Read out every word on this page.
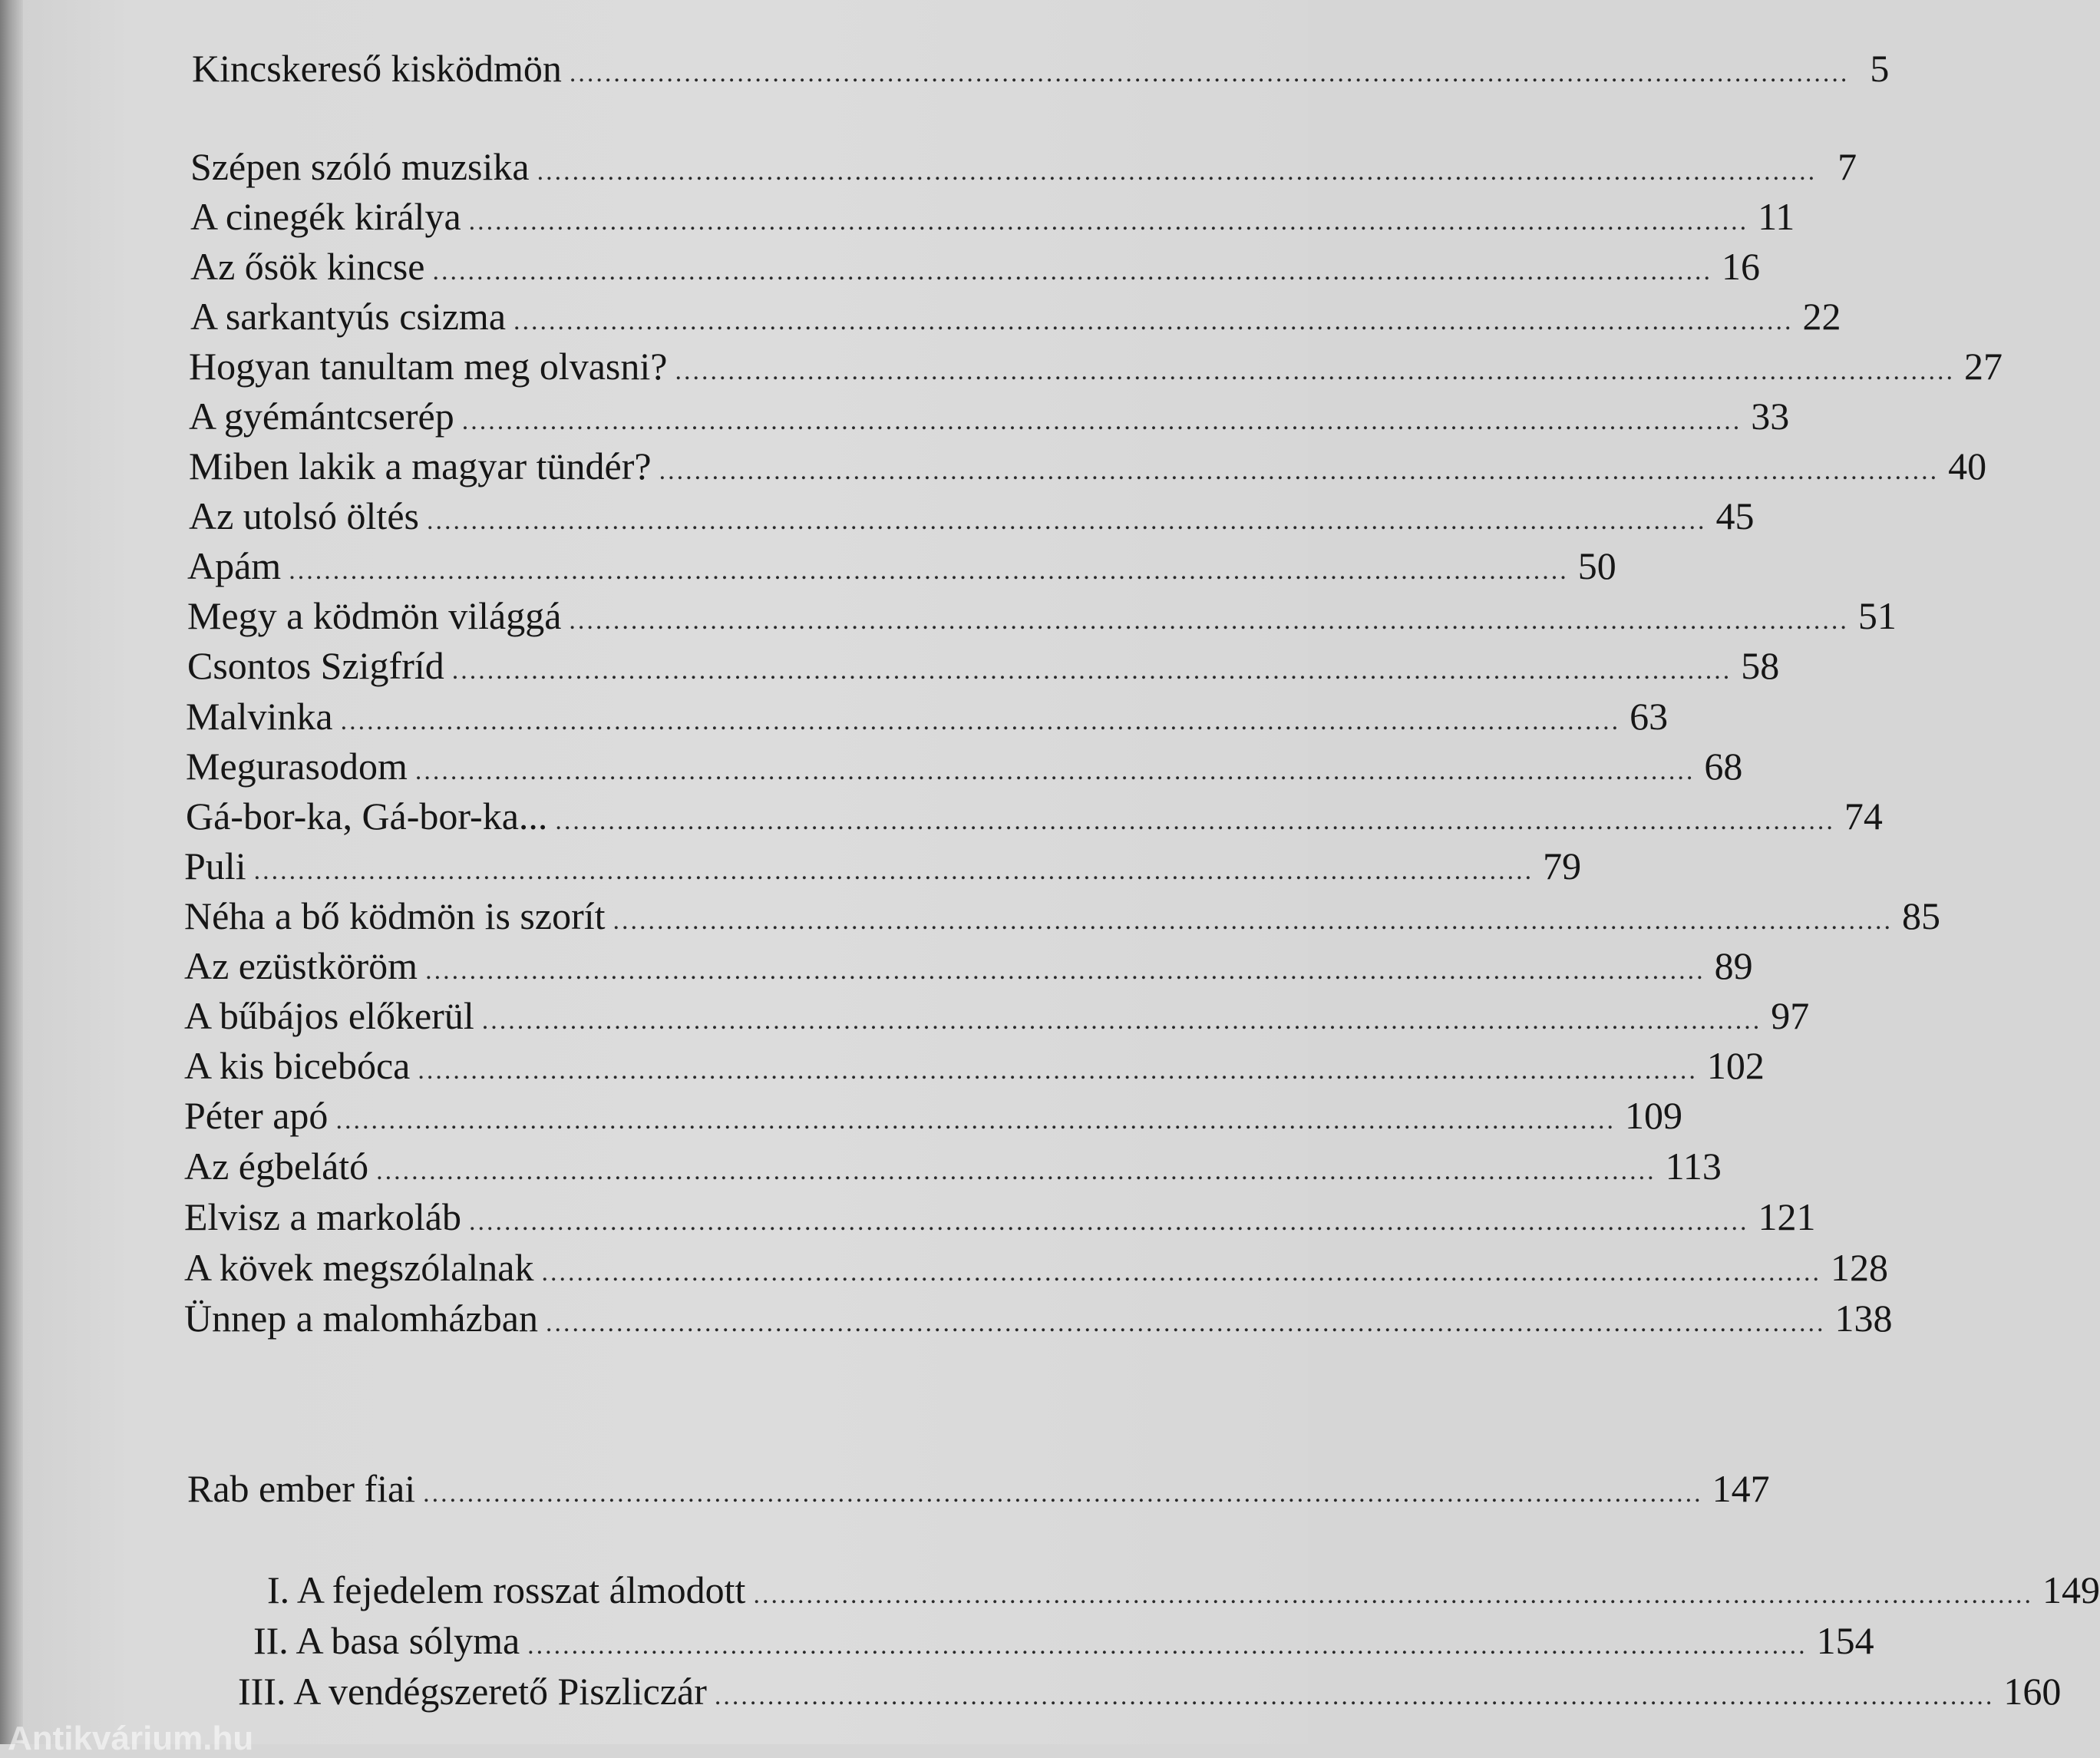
Kincskereső kisködmön ................................................................................................................................................. 5
Szépen szóló muzsika ................................................................................................................................................. 7
A cinegék királya ................................................................................................................................................. 11
Az ősök kincse ................................................................................................................................................. 16
A sarkantyús csizma ................................................................................................................................................. 22
Hogyan tanultam meg olvasni? ................................................................................................................................................. 27
A gyémántcserép ................................................................................................................................................. 33
Miben lakik a magyar tündér? ................................................................................................................................................. 40
Az utolsó öltés ................................................................................................................................................. 45
Apám ................................................................................................................................................. 50
Megy a ködmön világgá ................................................................................................................................................. 51
Csontos Szigfríd ................................................................................................................................................. 58
Malvinka ................................................................................................................................................. 63
Megurasodom ................................................................................................................................................. 68
Gá-bor-ka, Gá-bor-ka... ................................................................................................................................................. 74
Puli ................................................................................................................................................. 79
Néha a bő ködmön is szorít ................................................................................................................................................. 85
Az ezüstköröm ................................................................................................................................................. 89
A bűbájos előkerül ................................................................................................................................................. 97
A kis bicebóca ................................................................................................................................................. 102
Péter apó ................................................................................................................................................. 109
Az égbelátó ................................................................................................................................................. 113
Elvisz a markoláb ................................................................................................................................................. 121
A kövek megszólalnak ................................................................................................................................................. 128
Ünnep a malomházban ................................................................................................................................................. 138
Rab ember fiai ................................................................................................................................................. 147
I. A fejedelem rosszat álmodott ................................................................................................................................................. 149
II. A basa sólyma ................................................................................................................................................. 154
III. A vendégszerető Piszliczár ................................................................................................................................................. 160
Antikvárium.hu
